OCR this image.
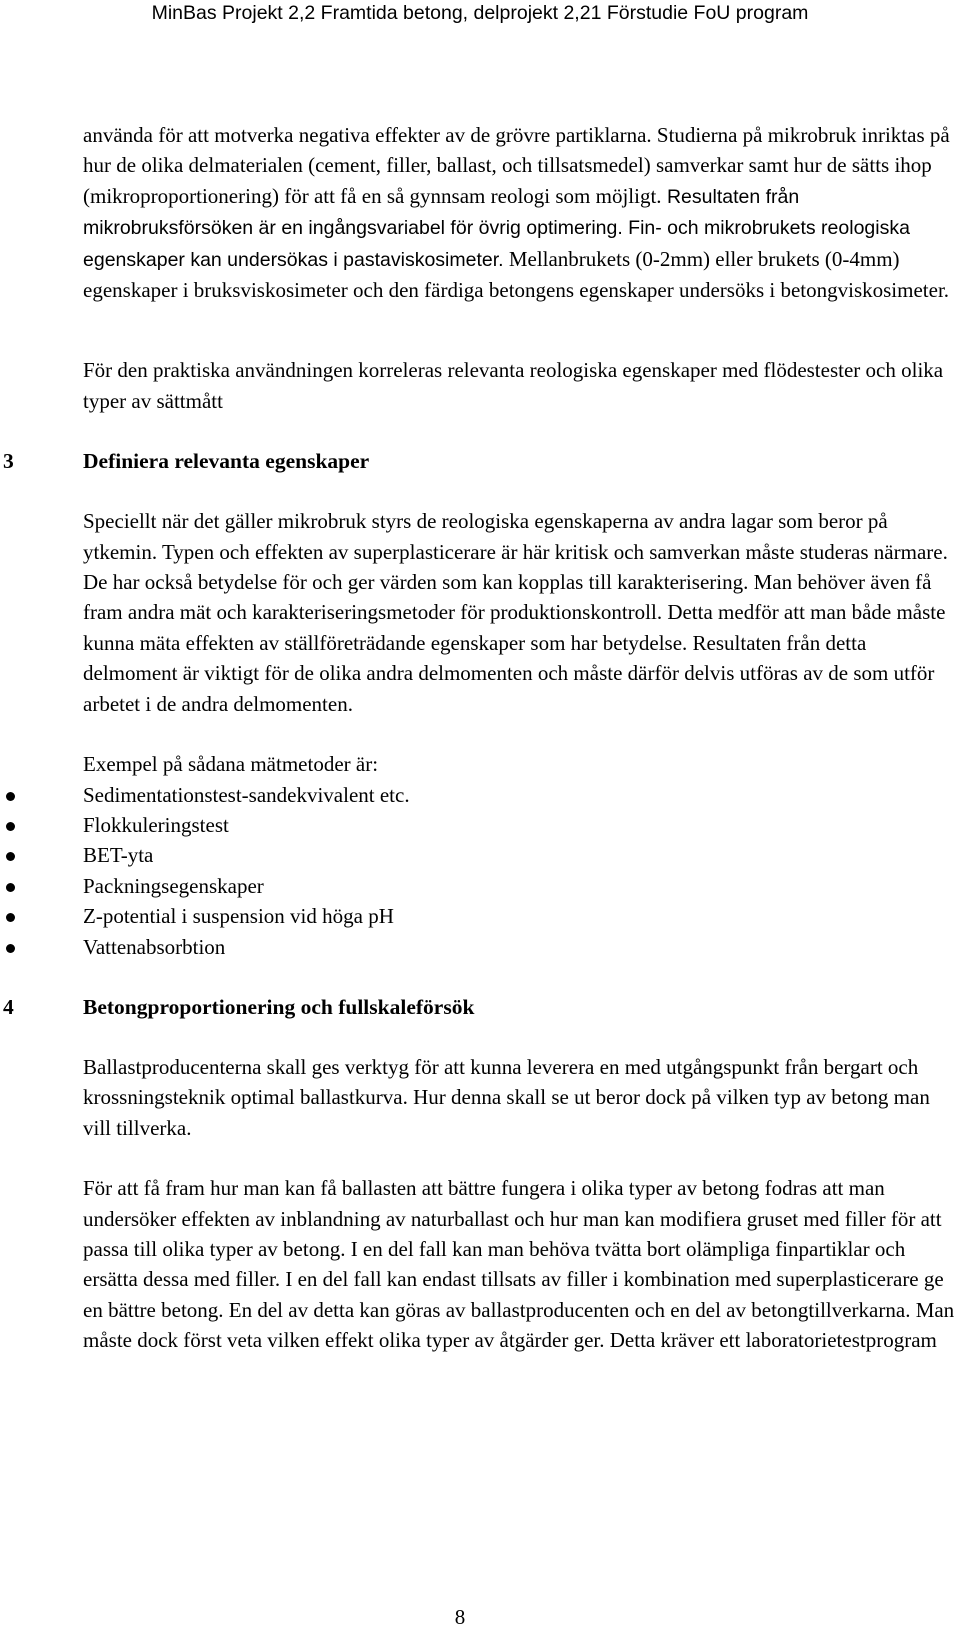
MinBas Projekt 2,2 Framtida betong, delprojekt 2,21 Förstudie FoU program

använda för att motverka negativa effekter av de grövre partiklarna. Studierna på mikrobruk inriktas på hur de olika delmaterialen (cement, filler, ballast, och tillsatsmedel) samverkar samt hur de sätts ihop (mikroproportionering) för att få en så gynnsam reologi som möjligt. Resultaten från mikrobruksförsöken är en ingångsvariabel för övrig optimering. Fin- och mikrobrukets reologiska egenskaper kan undersökas i pastaviskosimeter. Mellanbrukets (0-2mm) eller brukets (0-4mm) egenskaper i bruksviskosimeter och den färdiga betongens egenskaper undersöks i betongviskosimeter.

För den praktiska användningen korreleras relevanta reologiska egenskaper med flödestester och olika typer av sättmått

3	Definiera relevanta egenskaper

Speciellt när det gäller mikrobruk styrs de reologiska egenskaperna av andra lagar som beror på ytkemin. Typen och effekten av superplasticerare är här kritisk och samverkan måste studeras närmare. De har också betydelse för och ger värden som kan kopplas till karakterisering. Man behöver även få fram andra mät och karakteriseringsmetoder för produktionskontroll. Detta medför att man både måste kunna mäta effekten av ställföreträdande egenskaper som har betydelse. Resultaten från detta delmoment är viktigt för de olika andra delmomenten och måste därför delvis utföras av de som utför arbetet i de andra delmomenten.

Exempel på sådana mätmetoder är:

Sedimentationstest-sandekvivalent etc.
Flokkuleringstest
BET-yta
Packningsegenskaper
Z-potential i suspension vid höga pH
Vattenabsorbtion
4	Betongproportionering och fullskaleförsök

Ballastproducenterna skall ges verktyg för att kunna leverera en med utgångspunkt från bergart och krossningsteknik optimal ballastkurva. Hur denna skall se ut beror dock på vilken typ av betong man vill tillverka.

För att få fram hur man kan få ballasten att bättre fungera i olika typer av betong fodras att man undersöker effekten av inblandning av naturballast och hur man kan modifiera gruset med filler för att passa till olika typer av betong. I en del fall kan man behöva tvätta bort olämpliga finpartiklar och ersätta dessa med filler. I en del fall kan endast tillsats av filler i kombination med superplasticerare ge en bättre betong. En del av detta kan göras av ballastproducenten och en del av betongtillverkarna. Man måste dock först veta vilken effekt olika typer av åtgärder ger. Detta kräver ett laboratorietestprogram

8
